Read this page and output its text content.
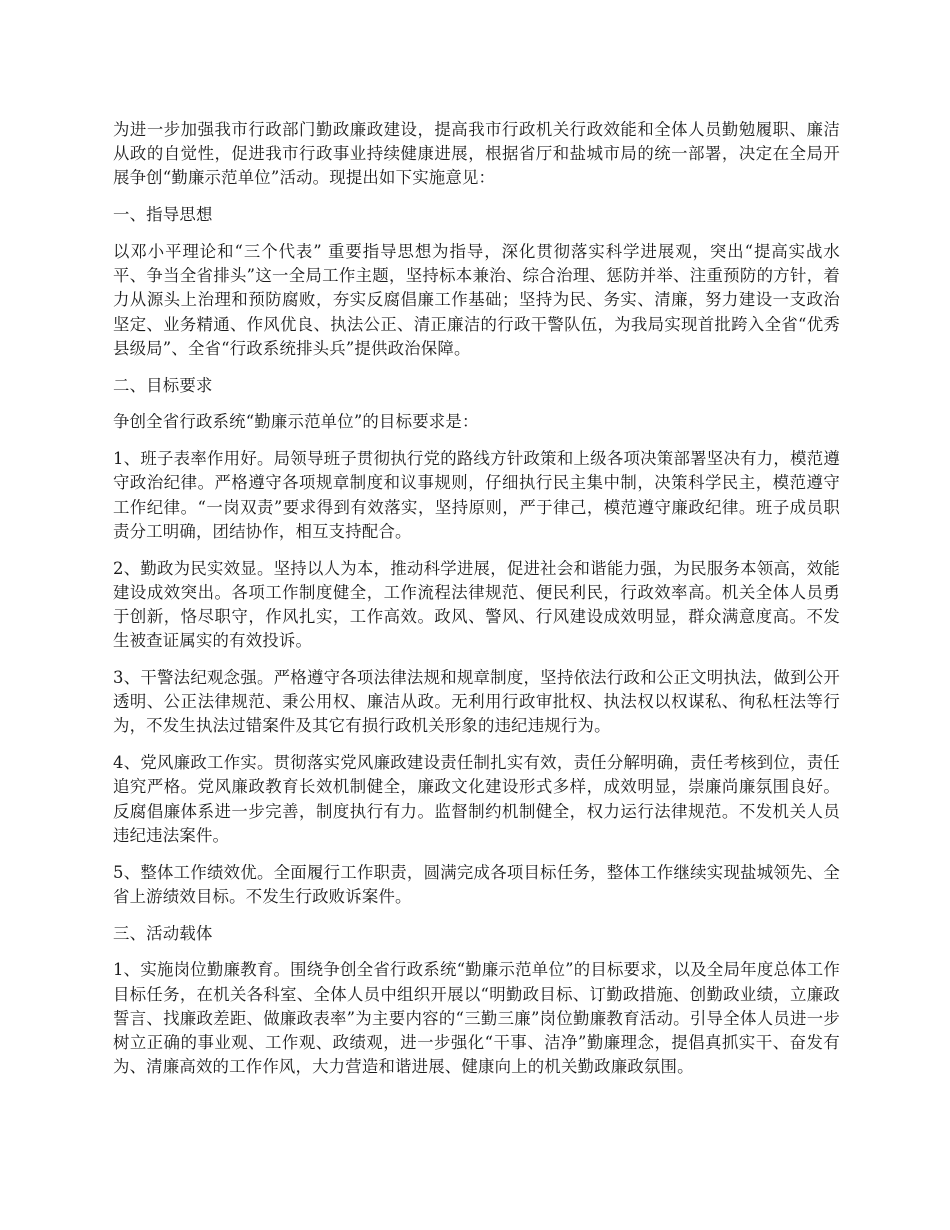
为进一步加强我市行政部门勤政廉政建设，提高我市行政机关行政效能和全体人员勤勉履职、廉洁从政的自觉性，促进我市行政事业持续健康进展，根据省厅和盐城市局的统一部署，决定在全局开展争创“勤廉示范单位”活动。现提出如下实施意见：

一、指导思想

以邓小平理论和“三个代表” 重要指导思想为指导，深化贯彻落实科学进展观，突出“提高实战水平、争当全省排头”这一全局工作主题，坚持标本兼治、综合治理、惩防并举、注重预防的方针，着力从源头上治理和预防腐败，夯实反腐倡廉工作基础；坚持为民、务实、清廉，努力建设一支政治坚定、业务精通、作风优良、执法公正、清正廉洁的行政干警队伍，为我局实现首批跨入全省“优秀县级局”、全省“行政系统排头兵”提供政治保障。

二、目标要求

争创全省行政系统“勤廉示范单位”的目标要求是：

1、班子表率作用好。局领导班子贯彻执行党的路线方针政策和上级各项决策部署坚决有力，模范遵守政治纪律。严格遵守各项规章制度和议事规则，仔细执行民主集中制，决策科学民主，模范遵守工作纪律。“一岗双责”要求得到有效落实，坚持原则，严于律己，模范遵守廉政纪律。班子成员职责分工明确，团结协作，相互支持配合。

2、勤政为民实效显。坚持以人为本，推动科学进展，促进社会和谐能力强，为民服务本领高，效能建设成效突出。各项工作制度健全，工作流程法律规范、便民利民，行政效率高。机关全体人员勇于创新，恪尽职守，作风扎实，工作高效。政风、警风、行风建设成效明显，群众满意度高。不发生被查证属实的有效投诉。

3、干警法纪观念强。严格遵守各项法律法规和规章制度，坚持依法行政和公正文明执法，做到公开透明、公正法律规范、秉公用权、廉洁从政。无利用行政审批权、执法权以权谋私、徇私枉法等行为，不发生执法过错案件及其它有损行政机关形象的违纪违规行为。

4、党风廉政工作实。贯彻落实党风廉政建设责任制扎实有效，责任分解明确，责任考核到位，责任追究严格。党风廉政教育长效机制健全，廉政文化建设形式多样，成效明显，崇廉尚廉氛围良好。反腐倡廉体系进一步完善，制度执行有力。监督制约机制健全，权力运行法律规范。不发机关人员违纪违法案件。

5、整体工作绩效优。全面履行工作职责，圆满完成各项目标任务，整体工作继续实现盐城领先、全省上游绩效目标。不发生行政败诉案件。

三、活动载体

1、实施岗位勤廉教育。围绕争创全省行政系统“勤廉示范单位”的目标要求，以及全局年度总体工作目标任务，在机关各科室、全体人员中组织开展以“明勤政目标、订勤政措施、创勤政业绩，立廉政誓言、找廉政差距、做廉政表率”为主要内容的“三勤三廉”岗位勤廉教育活动。引导全体人员进一步树立正确的事业观、工作观、政绩观，进一步强化“干事、洁净”勤廉理念，提倡真抓实干、奋发有为、清廉高效的工作作风，大力营造和谐进展、健康向上的机关勤政廉政氛围。
